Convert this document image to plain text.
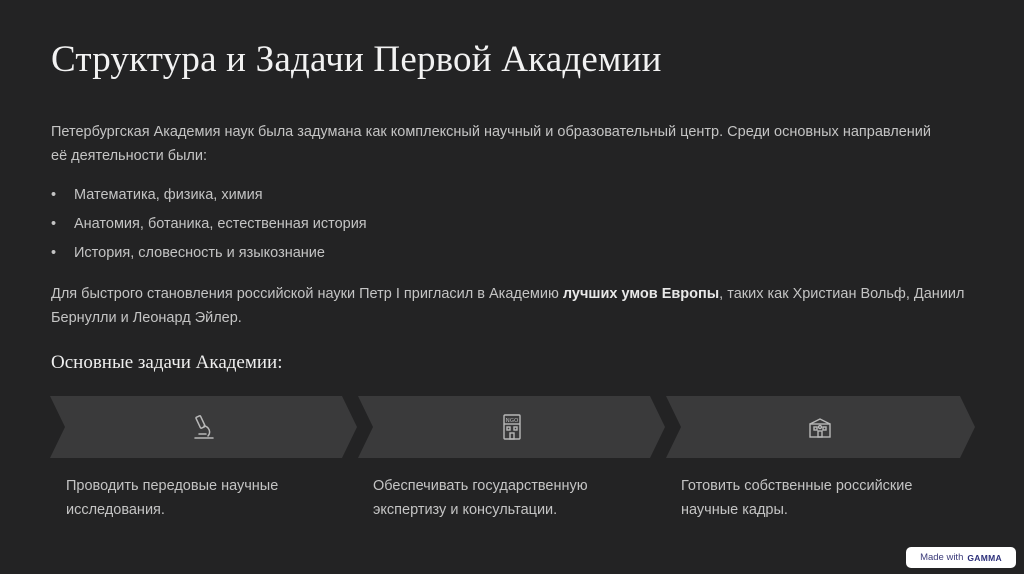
Структура и Задачи Первой Академии

Петербургская Академия наук была задумана как комплексный научный и образовательный центр. Среди основных направлений её деятельности были:

•	Математика, физика, химия
•	Анатомия, ботаника, естественная история
•	История, словесность и языкознание

Для быстрого становления российской науки Петр I пригласил в Академию лучших умов Европы, таких как Христиан Вольф, Даниил Бернулли и Леонард Эйлер.

Основные задачи Академии:
NGO

Проводить передовые научные исследования.

Обеспечивать государственную экспертизу и консультации.

Готовить собственные российские научные кадры.

Made with GAMMA
